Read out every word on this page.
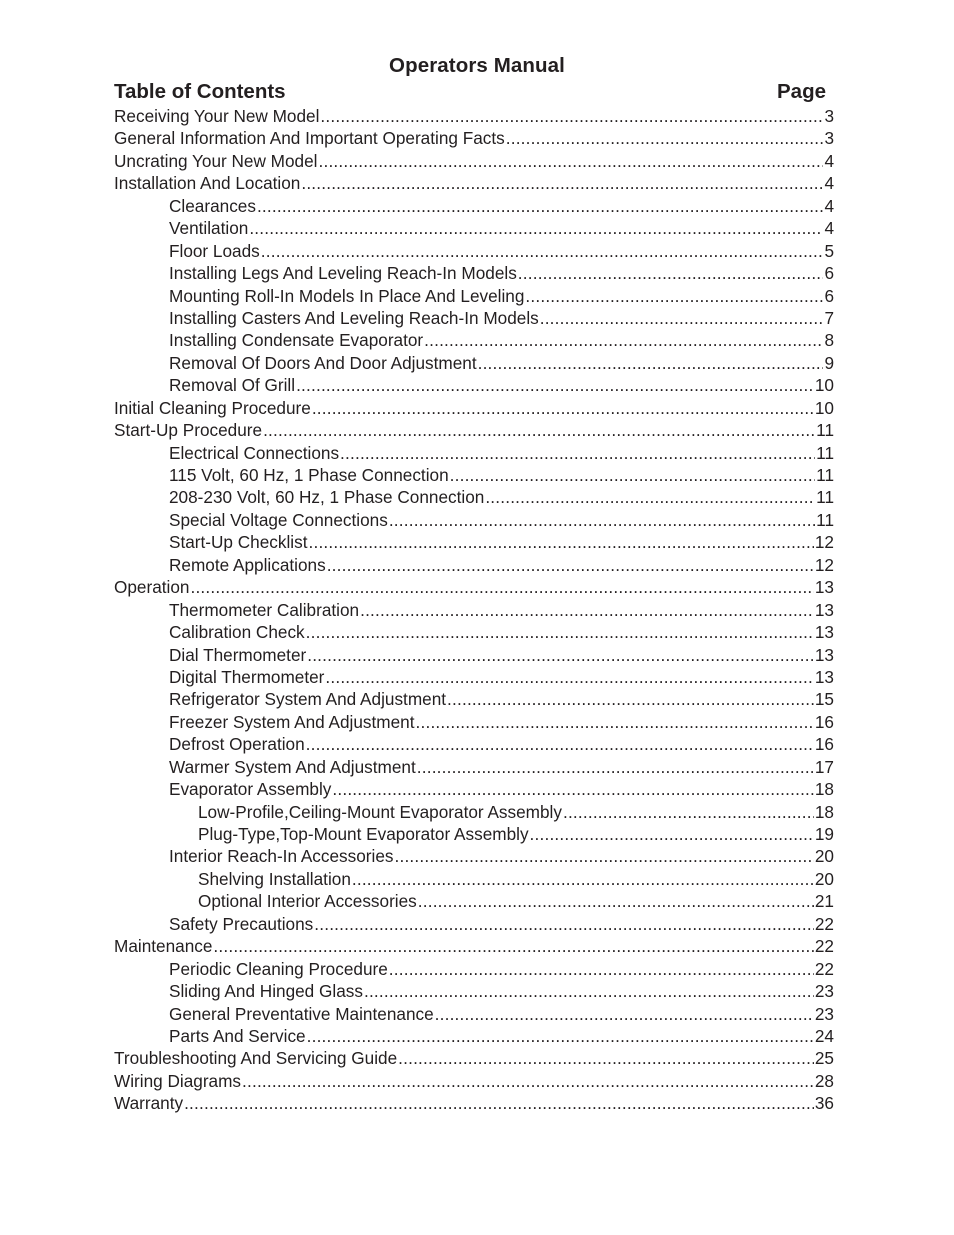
Operators Manual
Table of Contents	Page
Receiving Your New Model .....	3
General Information And Important Operating Facts .....	3
Uncrating Your New Model .....	4
Installation And Location .....	4
Clearances .....	4
Ventilation .....	4
Floor Loads .....	5
Installing Legs And Leveling Reach-In Models .....	6
Mounting Roll-In Models In Place And Leveling .....	6
Installing Casters And Leveling Reach-In Models .....	7
Installing Condensate Evaporator .....	8
Removal Of Doors And Door Adjustment .....	9
Removal Of Grill .....	10
Initial Cleaning Procedure .....	10
Start-Up Procedure .....	11
Electrical Connections .....	11
115 Volt, 60 Hz, 1 Phase Connection .....	11
208-230 Volt, 60 Hz, 1 Phase Connection .....	11
Special Voltage Connections .....	11
Start-Up Checklist .....	12
Remote Applications .....	12
Operation .....	13
Thermometer Calibration .....	13
Calibration Check .....	13
Dial Thermometer .....	13
Digital Thermometer .....	13
Refrigerator System And Adjustment .....	15
Freezer System And Adjustment .....	16
Defrost Operation .....	16
Warmer System And Adjustment .....	17
Evaporator Assembly .....	18
Low-Profile,Ceiling-Mount Evaporator Assembly .....	18
Plug-Type,Top-Mount Evaporator Assembly .....	19
Interior Reach-In Accessories .....	20
Shelving Installation .....	20
Optional Interior Accessories .....	21
Safety Precautions .....	22
Maintenance .....	22
Periodic Cleaning Procedure .....	22
Sliding And Hinged Glass .....	23
General Preventative Maintenance .....	23
Parts And Service .....	24
Troubleshooting And Servicing Guide .....	25
Wiring Diagrams .....	28
Warranty .....	36
